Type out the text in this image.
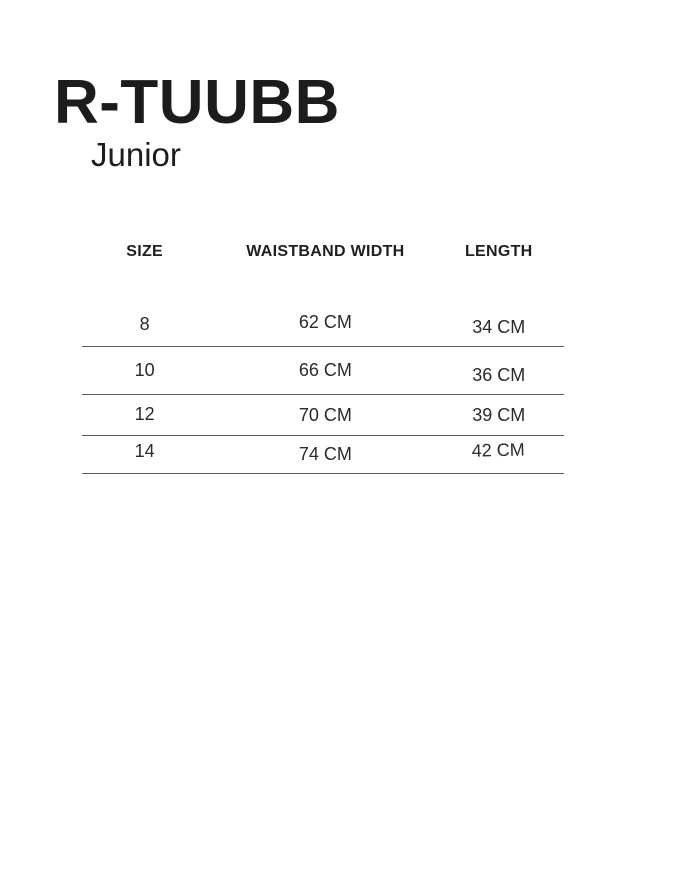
R-TUUBB
Junior
SIZE	WAISTBAND WIDTH	LENGTH
8	62 CM	34 CM
10	66 CM	36 CM
12	70 CM	39 CM
14	74 CM	42 CM
